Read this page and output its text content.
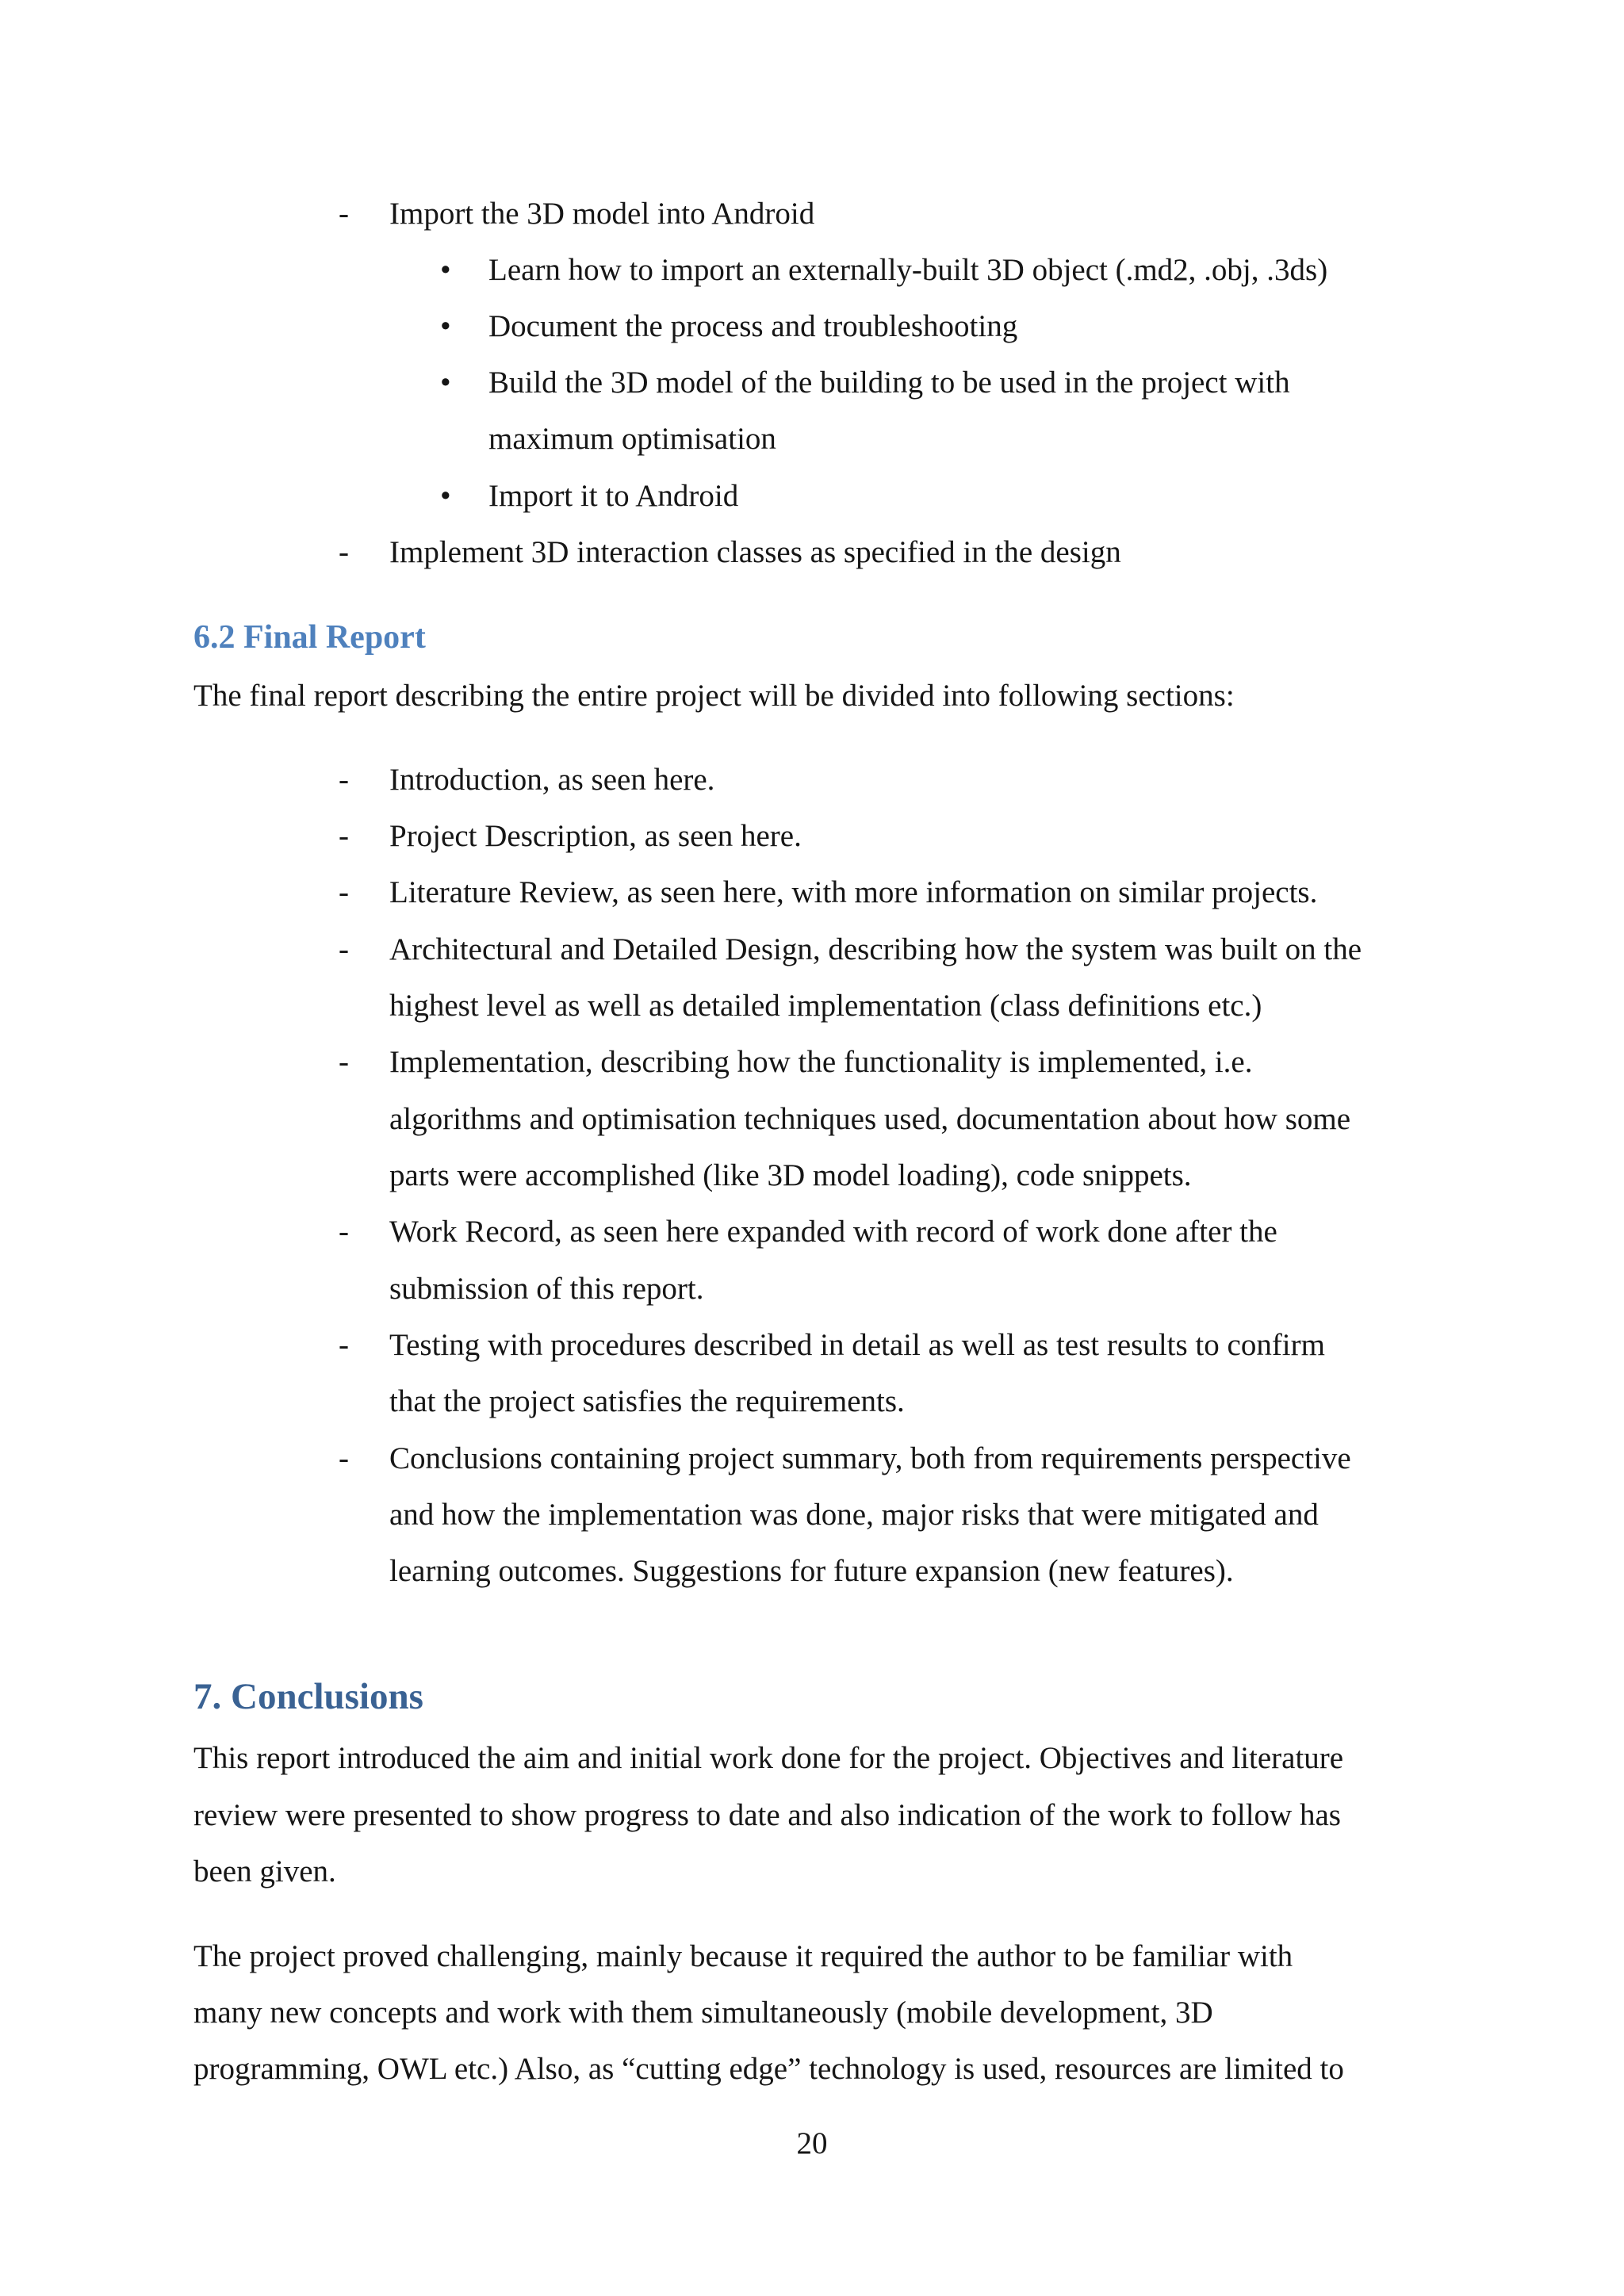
- Import the 3D model into Android
• Learn how to import an externally-built 3D object (.md2, .obj, .3ds)
• Document the process and troubleshooting
• Build the 3D model of the building to be used in the project with
maximum optimisation
• Import it to Android
- Implement 3D interaction classes as specified in the design
6.2 Final Report
The final report describing the entire project will be divided into following sections:
- Introduction, as seen here.
- Project Description, as seen here.
- Literature Review, as seen here, with more information on similar projects.
- Architectural and Detailed Design, describing how the system was built on the
highest level as well as detailed implementation (class definitions etc.)
- Implementation, describing how the functionality is implemented, i.e.
algorithms and optimisation techniques used, documentation about how some
parts were accomplished (like 3D model loading), code snippets.
- Work Record, as seen here expanded with record of work done after the
submission of this report.
- Testing with procedures described in detail as well as test results to confirm
that the project satisfies the requirements.
- Conclusions containing project summary, both from requirements perspective
and how the implementation was done, major risks that were mitigated and
learning outcomes. Suggestions for future expansion (new features).
7. Conclusions
This report introduced the aim and initial work done for the project. Objectives and literature
review were presented to show progress to date and also indication of the work to follow has
been given.
The project proved challenging, mainly because it required the author to be familiar with
many new concepts and work with them simultaneously (mobile development, 3D
programming, OWL etc.) Also, as “cutting edge” technology is used, resources are limited to
20
